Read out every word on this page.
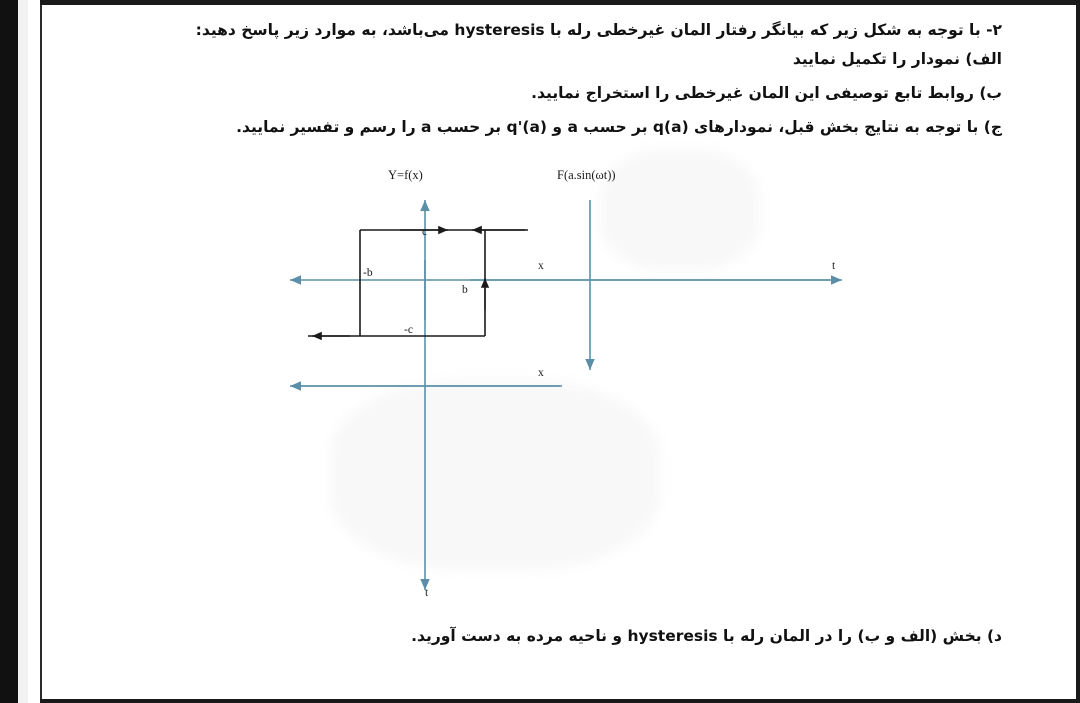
۲- با توجه به شکل زیر که بیانگر رفتار المان غیرخطی رله با hysteresis می‌باشد، به موارد زیر پاسخ دهید:
الف) نمودار را تکمیل نمایید
ب) روابط تابع توصیفی این المان غیرخطی را استخراج نمایید.
ج) با توجه به نتایج بخش قبل، نمودارهای (q(a بر حسب a و (q'(a بر حسب a را رسم و تفسیر نمایید.
د) بخش (الف و ب) را در المان رله با hysteresis و ناحیه مرده به دست آورید.
Y=f(x)	F(a.sin(ωt))
c
-c
-b
b
x	t
x
t
